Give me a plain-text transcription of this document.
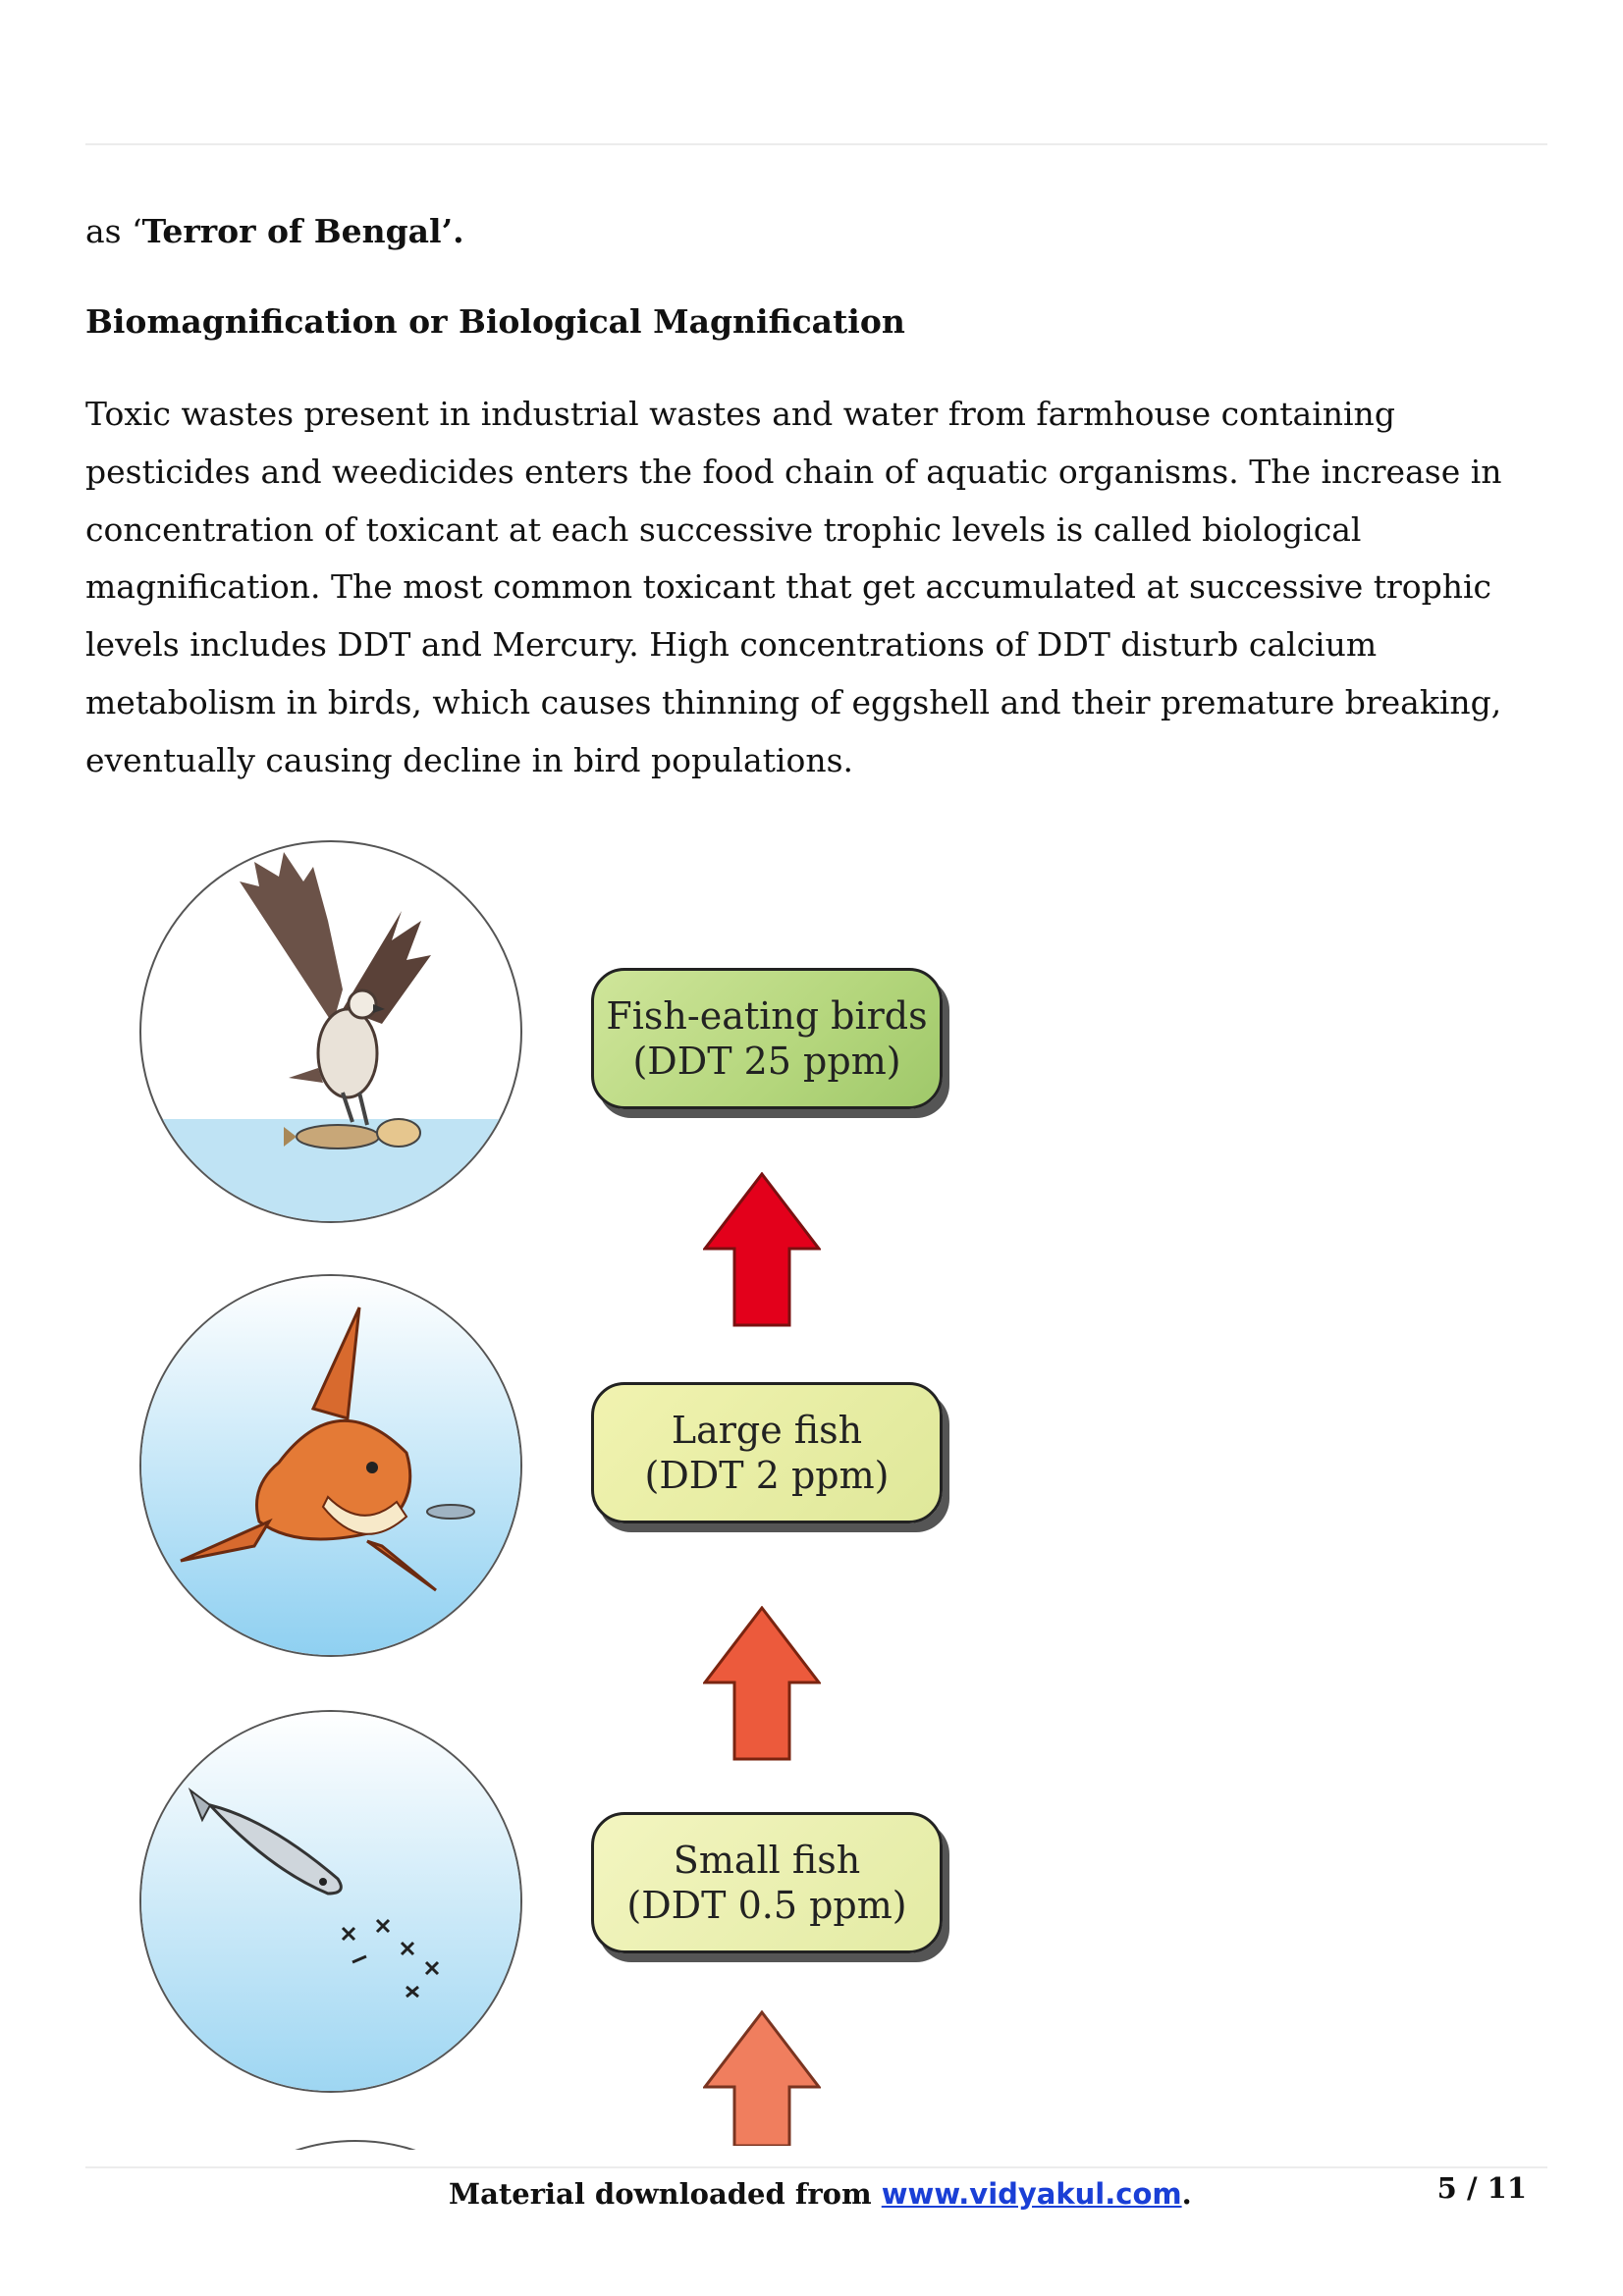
as ‘Terror of Bengal’.
Biomagnification or Biological Magnification
Toxic wastes present in industrial wastes and water from farmhouse containing pesticides and weedicides enters the food chain of aquatic organisms. The increase in concentration of toxicant at each successive trophic levels is called biological magnification. The most common toxicant that get accumulated at successive trophic levels includes DDT and Mercury. High concentrations of DDT disturb calcium metabolism in birds, which causes thinning of eggshell and their premature breaking, eventually causing decline in bird populations.
Fish-eating birds
(DDT 25 ppm)
Large fish
(DDT 2 ppm)
Small fish
(DDT 0.5 ppm)
Material downloaded from www.vidyakul.com.	5 / 11
